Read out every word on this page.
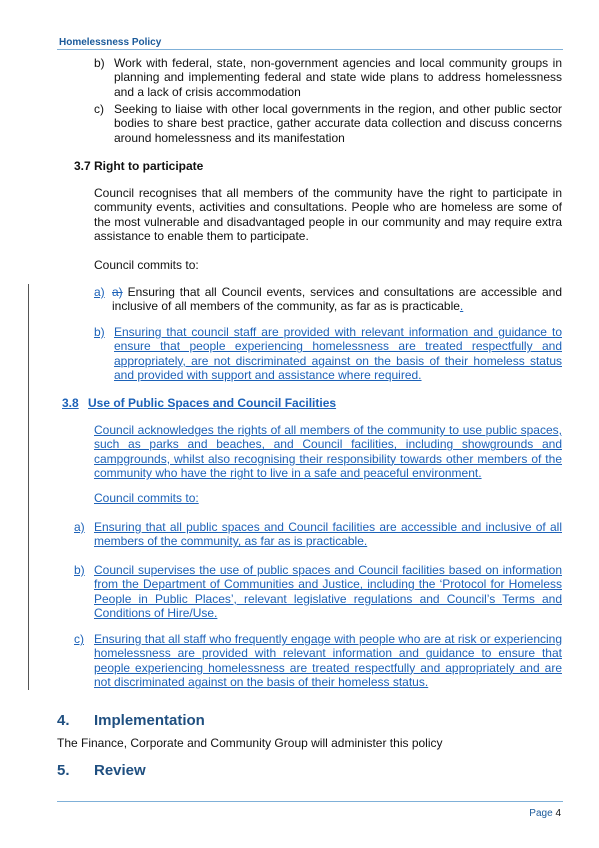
Homelessness Policy
b) Work with federal, state, non-government agencies and local community groups in planning and implementing federal and state wide plans to address homelessness and a lack of crisis accommodation
c) Seeking to liaise with other local governments in the region, and other public sector bodies to share best practice, gather accurate data collection and discuss concerns around homelessness and its manifestation
3.7 Right to participate
Council recognises that all members of the community have the right to participate in community events, activities and consultations. People who are homeless are some of the most vulnerable and disadvantaged people in our community and may require extra assistance to enable them to participate.
Council commits to:
a) a) Ensuring that all Council events, services and consultations are accessible and inclusive of all members of the community, as far as is practicable.
b) Ensuring that council staff are provided with relevant information and guidance to ensure that people experiencing homelessness are treated respectfully and appropriately, are not discriminated against on the basis of their homeless status and provided with support and assistance where required.
3.8 Use of Public Spaces and Council Facilities
Council acknowledges the rights of all members of the community to use public spaces, such as parks and beaches, and Council facilities, including showgrounds and campgrounds, whilst also recognising their responsibility towards other members of the community who have the right to live in a safe and peaceful environment.
Council commits to:
a) Ensuring that all public spaces and Council facilities are accessible and inclusive of all members of the community, as far as is practicable.
b) Council supervises the use of public spaces and Council facilities based on information from the Department of Communities and Justice, including the ‘Protocol for Homeless People in Public Places’, relevant legislative regulations and Council’s Terms and Conditions of Hire/Use.
c) Ensuring that all staff who frequently engage with people who are at risk or experiencing homelessness are provided with relevant information and guidance to ensure that people experiencing homelessness are treated respectfully and appropriately and are not discriminated against on the basis of their homeless status.
4. Implementation
The Finance, Corporate and Community Group will administer this policy
5. Review
Page 4
